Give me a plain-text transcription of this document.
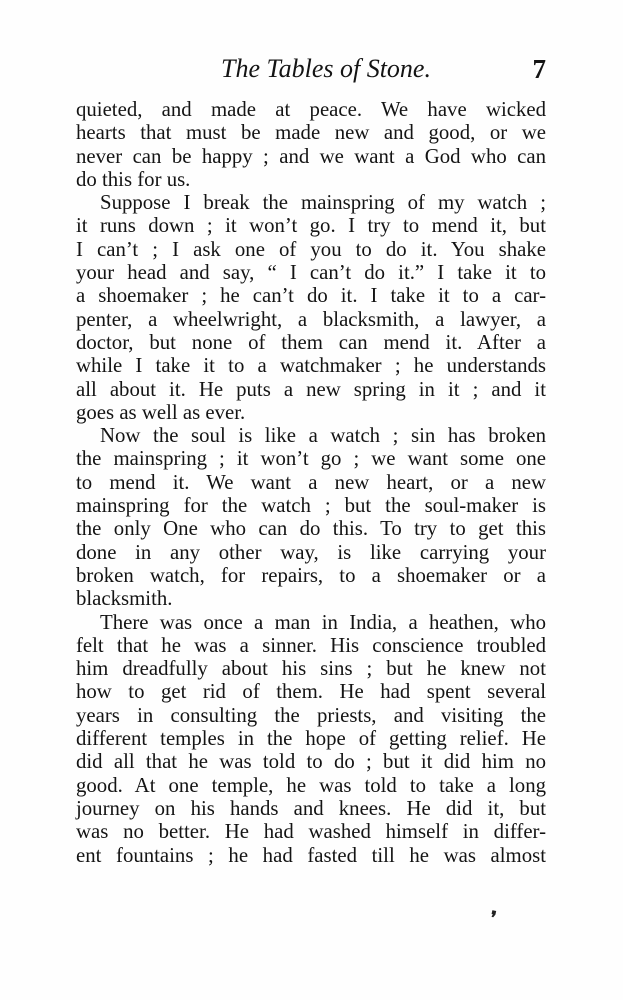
The Tables of Stone.	7
quieted, and made at peace. We have wicked
hearts that must be made new and good, or we
never can be happy ; and we want a God who can
do this for us.
Suppose I break the mainspring of my watch ;
it runs down ; it won’t go. I try to mend it, but
I can’t ; I ask one of you to do it. You shake
your head and say, “ I can’t do it.” I take it to
a shoemaker ; he can’t do it. I take it to a car-
penter, a wheelwright, a blacksmith, a lawyer, a
doctor, but none of them can mend it. After a
while I take it to a watchmaker ; he understands
all about it. He puts a new spring in it ; and it
goes as well as ever.
Now the soul is like a watch ; sin has broken
the mainspring ; it won’t go ; we want some one
to mend it. We want a new heart, or a new
mainspring for the watch ; but the soul-maker is
the only One who can do this. To try to get this
done in any other way, is like carrying your
broken watch, for repairs, to a shoemaker or a
blacksmith.
There was once a man in India, a heathen, who
felt that he was a sinner. His conscience troubled
him dreadfully about his sins ; but he knew not
how to get rid of them. He had spent several
years in consulting the priests, and visiting the
different temples in the hope of getting relief. He
did all that he was told to do ; but it did him no
good. At one temple, he was told to take a long
journey on his hands and knees. He did it, but
was no better. He had washed himself in differ-
ent fountains ; he had fasted till he was almost
❜
